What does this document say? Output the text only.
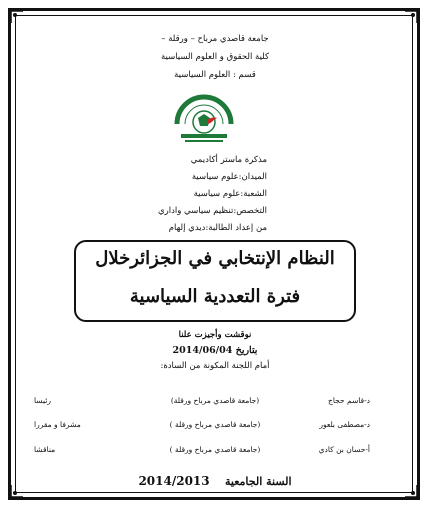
جامعة قاصدي مرباح – ورقلة –
كلية الحقوق و العلوم السياسية
قسم : العلوم السياسية
مذكرة ماستر أكاديمي
الميدان:علوم سياسية
الشعبة:علوم سياسية
التخصص:تنظيم سياسي واداري
من إعداد الطالبة:ديدي إلهام
النظام الإنتخابي في الجزائرخلال
فترة التعددية السياسية
نوقشت وأجيزت علنا
بتاريخ 2014/06/04
أمام اللجنة المكونة من السادة:
د-قاسم حجاج
(جامعة قاصدي مرباح ورقلة)
رئيسا
د-مصطفى بلعور
(جامعة قاصدي مرباح ورقلة )
مشرفا و مقررا
أ-حسان بن كادي
(جامعة قاصدي مرباح ورقلة )
مناقشا
السنة الجامعية    2014/2013
